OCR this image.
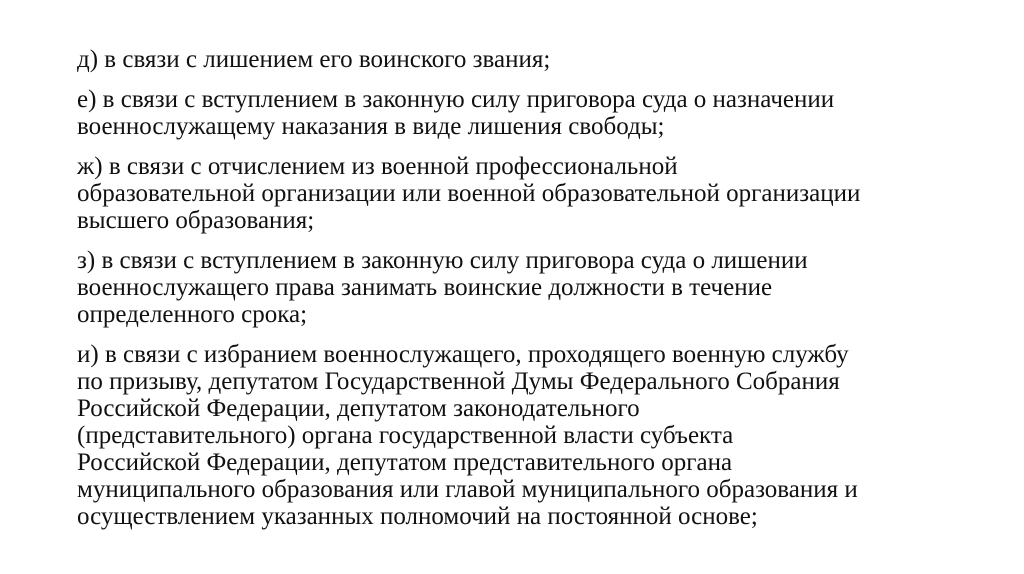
д) в связи с лишением его воинского звания;

е) в связи с вступлением в законную силу приговора суда о назначении
военнослужащему наказания в виде лишения свободы;

ж) в связи с отчислением из военной профессиональной
образовательной организации или военной образовательной организации
высшего образования;

з) в связи с вступлением в законную силу приговора суда о лишении
военнослужащего права занимать воинские должности в течение
определенного срока;

и) в связи с избранием военнослужащего, проходящего военную службу
по призыву, депутатом Государственной Думы Федерального Собрания
Российской Федерации, депутатом законодательного
(представительного) органа государственной власти субъекта
Российской Федерации, депутатом представительного органа
муниципального образования или главой муниципального образования и
осуществлением указанных полномочий на постоянной основе;
